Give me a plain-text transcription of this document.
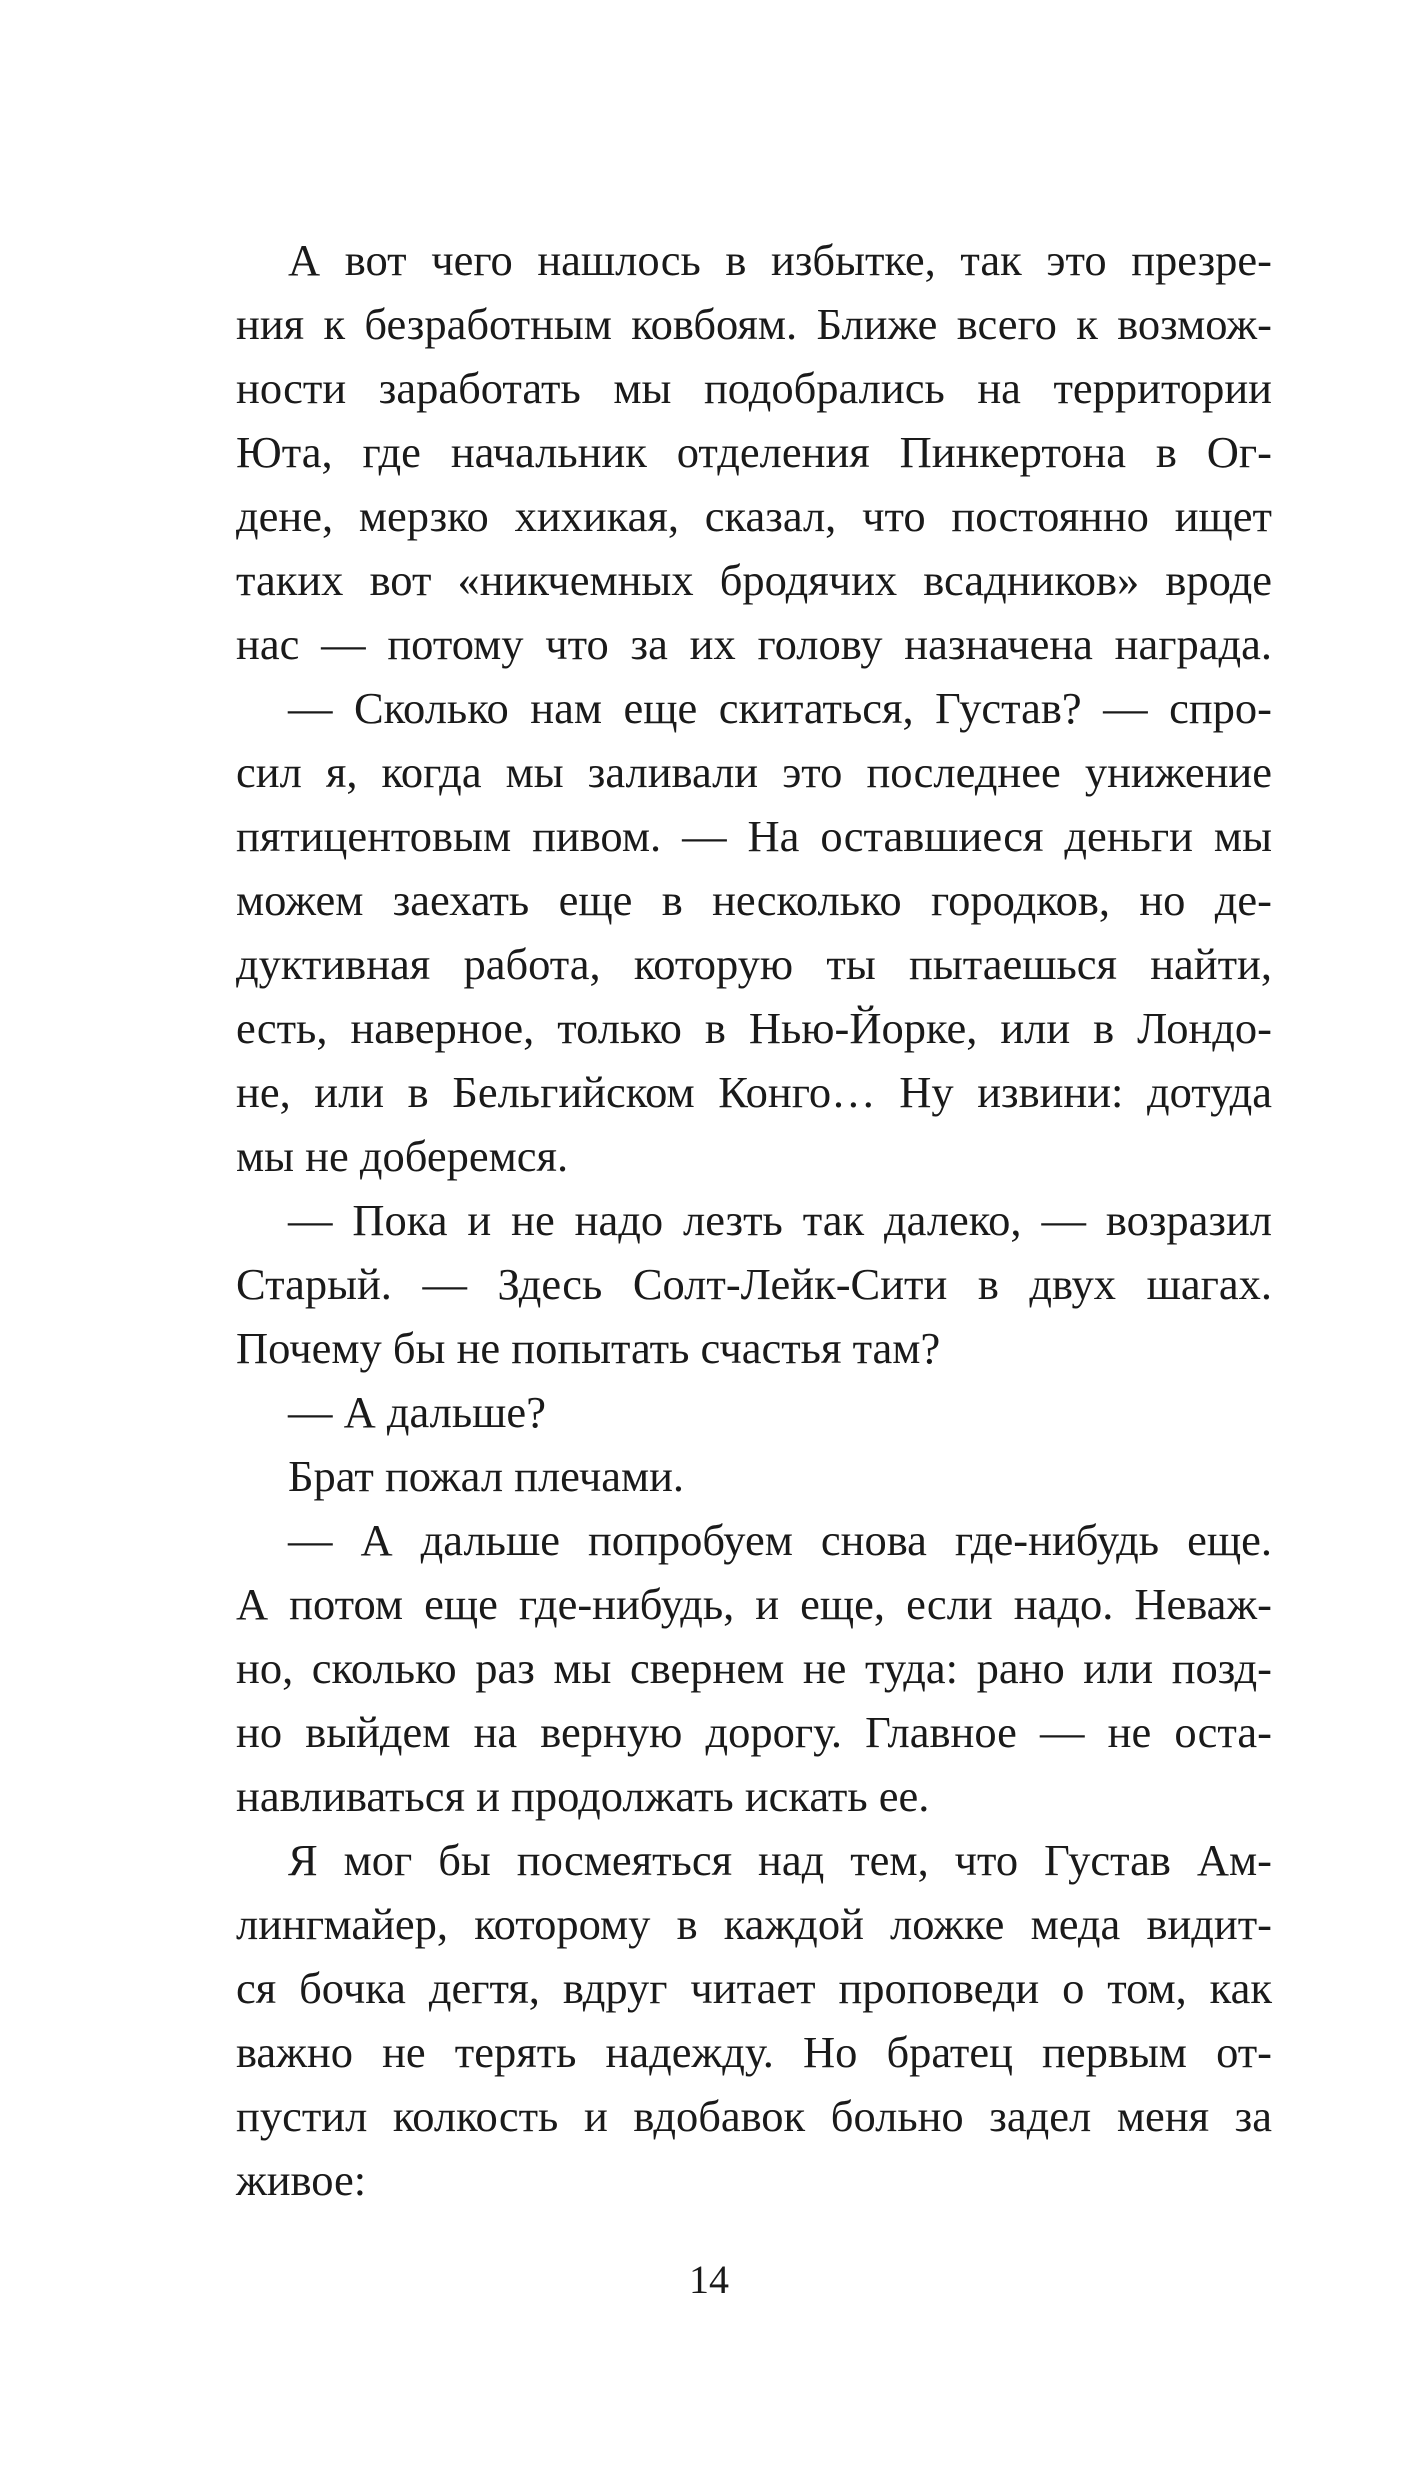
А вот чего нашлось в избытке, так это презре-
ния к безработным ковбоям. Ближе всего к возмож-
ности заработать мы подобрались на территории
Юта, где начальник отделения Пинкертона в Ог-
дене, мерзко хихикая, сказал, что постоянно ищет
таких вот «никчемных бродячих всадников» вроде
нас — потому что за их голову назначена награда.
— Сколько нам еще скитаться, Густав? — спро-
сил я, когда мы заливали это последнее унижение
пятицентовым пивом. — На оставшиеся деньги мы
можем заехать еще в несколько городков, но де-
дуктивная работа, которую ты пытаешься найти,
есть, наверное, только в Нью-Йорке, или в Лондо-
не, или в Бельгийском Конго… Ну извини: дотуда
мы не доберемся.
— Пока и не надо лезть так далеко, — возразил
Старый. — Здесь Солт-Лейк-Сити в двух шагах.
Почему бы не попытать счастья там?
— А дальше?
Брат пожал плечами.
— А дальше попробуем снова где-нибудь еще.
А потом еще где-нибудь, и еще, если надо. Неваж-
но, сколько раз мы свернем не туда: рано или позд-
но выйдем на верную дорогу. Главное — не оста-
навливаться и продолжать искать ее.
Я мог бы посмеяться над тем, что Густав Ам-
лингмайер, которому в каждой ложке меда видит-
ся бочка дегтя, вдруг читает проповеди о том, как
важно не терять надежду. Но братец первым от-
пустил колкость и вдобавок больно задел меня за
живое:
14
